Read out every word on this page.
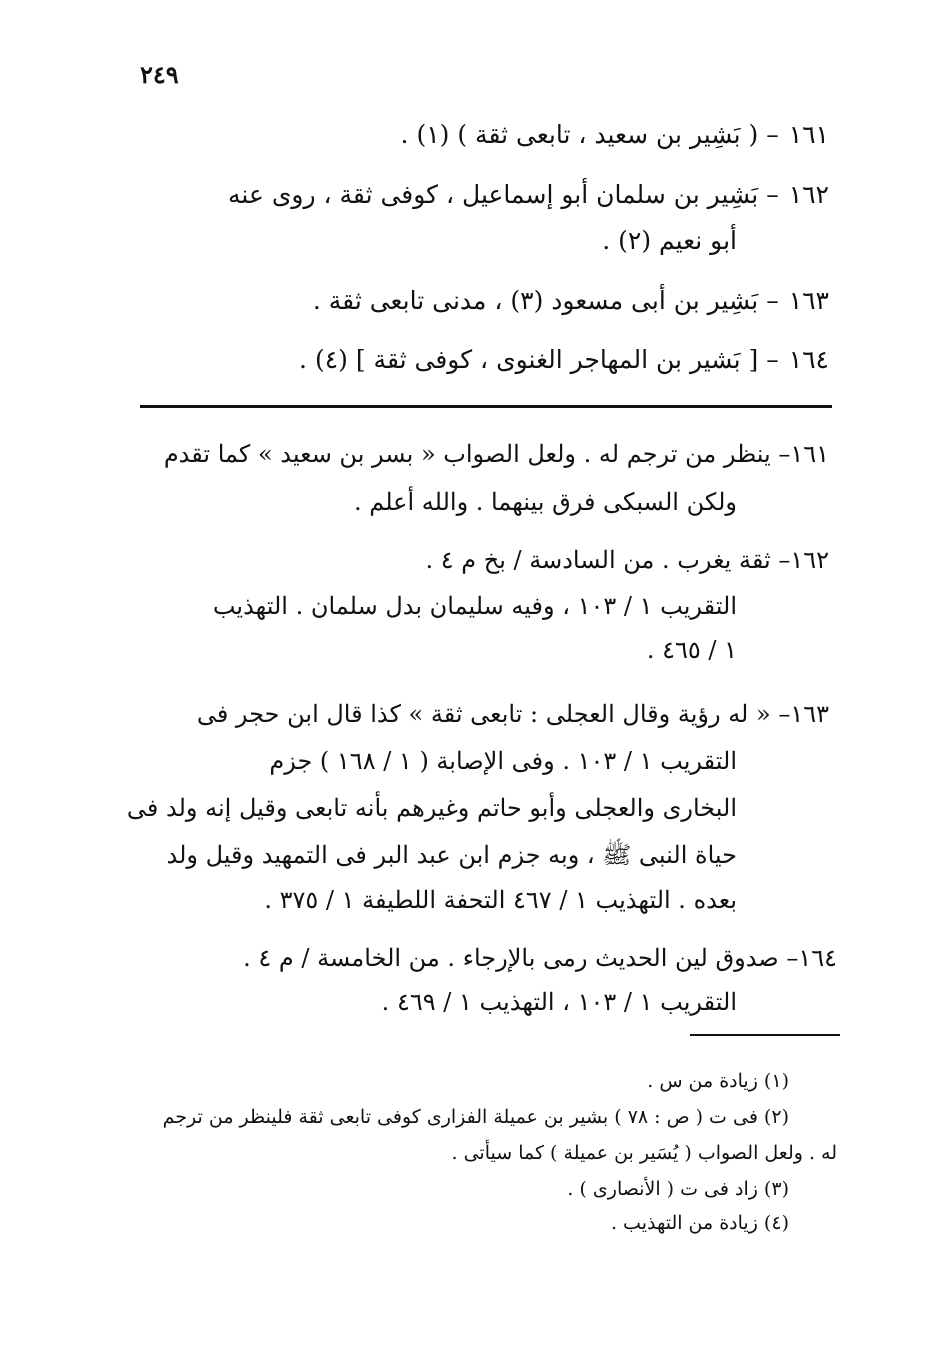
٢٤٩
١٦١– ( بَشِير بن سعيد ، تابعى ثقة ) (١) .
١٦٢– بَشِير بن سلمان أبو إسماعيل ، كوفى ثقة ، روى عنه
أبو نعيم (٢) .
١٦٣– بَشِير بن أبى مسعود (٣) ، مدنى تابعى ثقة .
١٦٤– [ بَشير بن المهاجر الغنوى ، كوفى ثقة ] (٤) .
١٦١– ينظر من ترجم له . ولعل الصواب « بسر بن سعيد » كما تقدم
ولكن السبكى فرق بينهما . والله أعلم .
١٦٢– ثقة يغرب . من السادسة / بخ م ٤ .
التقريب ١ / ١٠٣ ، وفيه سليمان بدل سلمان . التهذيب
١ / ٤٦٥ .
١٦٣– « له رؤية وقال العجلى : تابعى ثقة » كذا قال ابن حجر فى
التقريب ١ / ١٠٣ . وفى الإصابة ( ١ / ١٦٨ ) جزم
البخارى والعجلى وأبو حاتم وغيرهم بأنه تابعى وقيل إنه ولد فى
حياة النبى ﷺ ، وبه جزم ابن عبد البر فى التمهيد وقيل ولد
بعده . التهذيب ١ / ٤٦٧ التحفة اللطيفة ١ / ٣٧٥ .
١٦٤– صدوق لين الحديث رمى بالإرجاء . من الخامسة / م ٤ .
التقريب ١ / ١٠٣ ، التهذيب ١ / ٤٦٩ .
(١) زيادة من س .
(٢) فى ت ( ص : ٧٨ ) بشير بن عميلة الفزارى كوفى تابعى ثقة فلينظر من ترجم
له . ولعل الصواب ( يُسَير بن عميلة ) كما سيأتى .
(٣) زاد فى ت ( الأنصارى ) .
(٤) زيادة من التهذيب .
